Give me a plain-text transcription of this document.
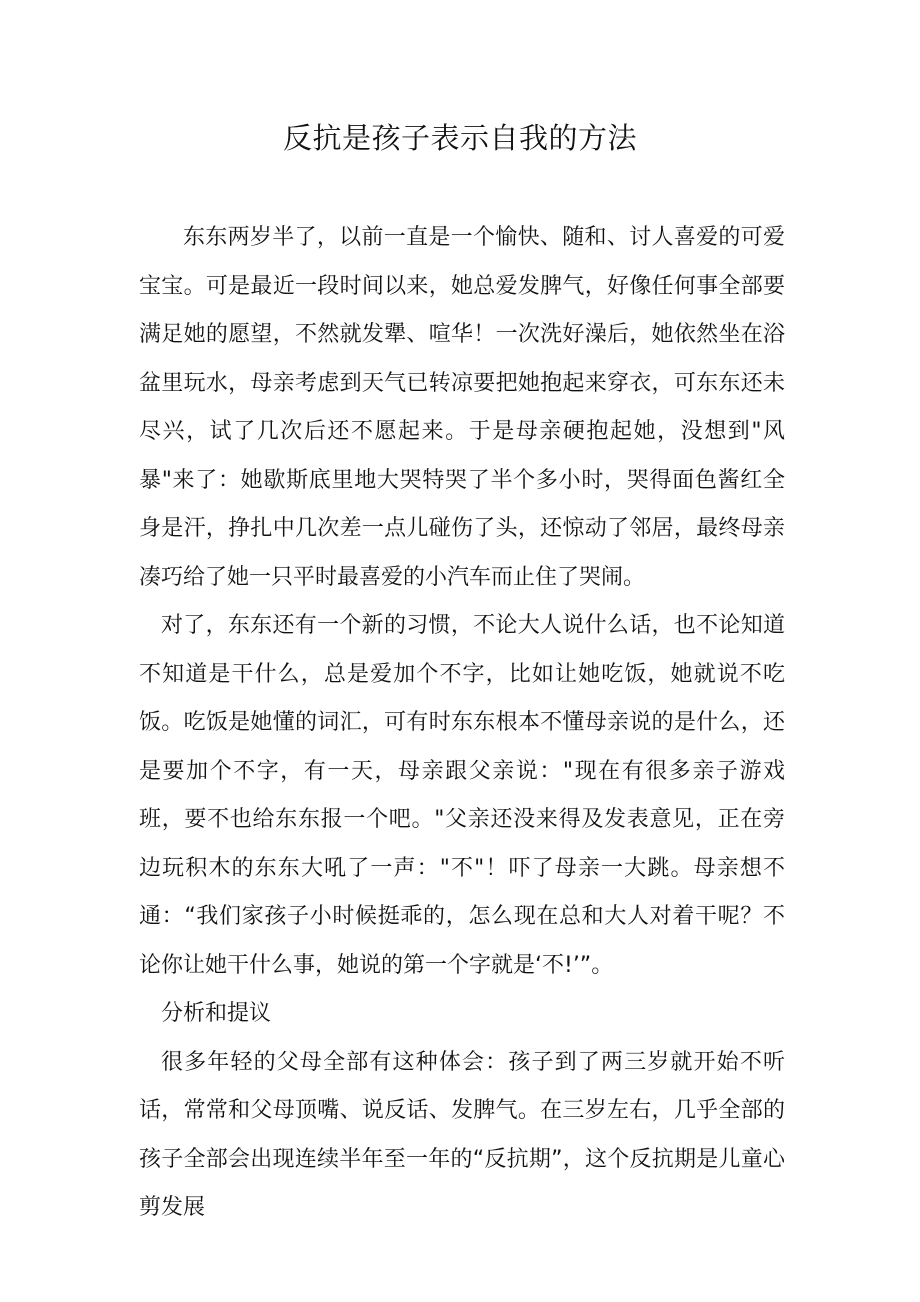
反抗是孩子表示自我的方法

东东两岁半了，以前一直是一个愉快、随和、讨人喜爱的可爱宝宝。可是最近一段时间以来，她总爱发脾气，好像任何事全部要满足她的愿望，不然就发犟、喧华！一次洗好澡后，她依然坐在浴盆里玩水，母亲考虑到天气已转凉要把她抱起来穿衣，可东东还未尽兴，试了几次后还不愿起来。于是母亲硬抱起她，没想到"风暴"来了：她歇斯底里地大哭特哭了半个多小时，哭得面色酱红全身是汗，挣扎中几次差一点儿碰伤了头，还惊动了邻居，最终母亲凑巧给了她一只平时最喜爱的小汽车而止住了哭闹。

对了，东东还有一个新的习惯，不论大人说什么话，也不论知道不知道是干什么，总是爱加个不字，比如让她吃饭，她就说不吃饭。吃饭是她懂的词汇，可有时东东根本不懂母亲说的是什么，还是要加个不字，有一天，母亲跟父亲说："现在有很多亲子游戏班，要不也给东东报一个吧。"父亲还没来得及发表意见，正在旁边玩积木的东东大吼了一声："不"！吓了母亲一大跳。母亲想不通：“我们家孩子小时候挺乖的，怎么现在总和大人对着干呢？不论你让她干什么事，她说的第一个字就是‘不!’”。

分析和提议

很多年轻的父母全部有这种体会：孩子到了两三岁就开始不听话，常常和父母顶嘴、说反话、发脾气。在三岁左右，几乎全部的孩子全部会出现连续半年至一年的“反抗期”，这个反抗期是儿童心剪发展
